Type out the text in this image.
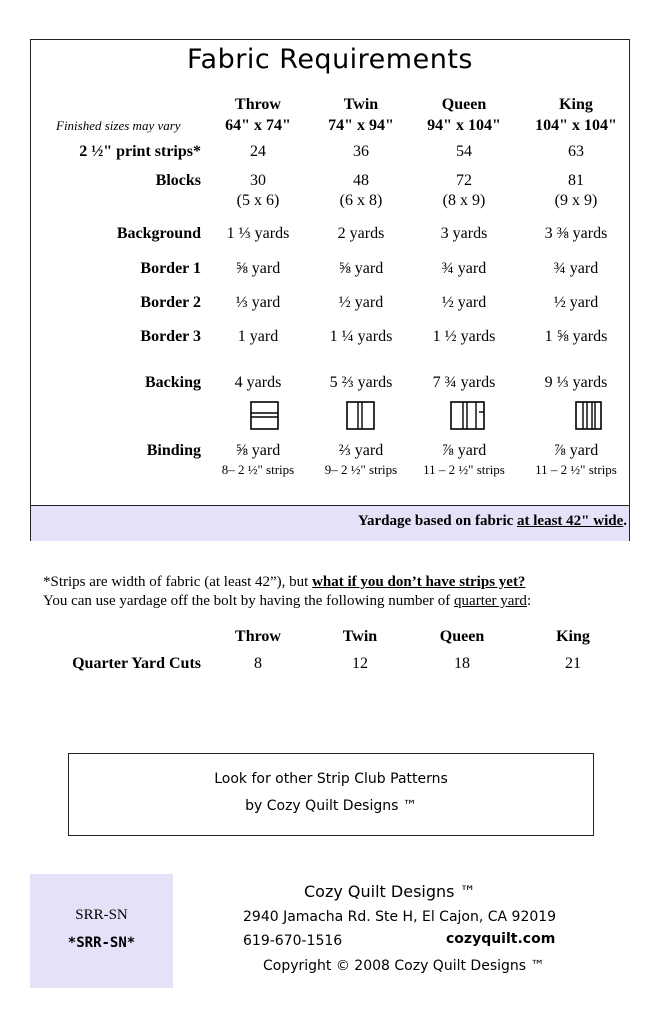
Fabric Requirements
Finished sizes may vary
Throw	Twin	Queen	King
64" x 74"	74" x 94"	94" x 104"	104" x 104"
2 ½" print strips*	24	36	54	63
Blocks	30	48	72	81
(5 x 6)	(6 x 8)	(8 x 9)	(9 x 9)
Background	1 ⅓ yards	2 yards	3 yards	3 ⅜ yards
Border 1	⅝ yard	⅝ yard	¾ yard	¾ yard
Border 2	⅓ yard	½ yard	½ yard	½ yard
Border 3	1 yard	1 ¼ yards	1 ½ yards	1 ⅝ yards
Backing	4 yards	5 ⅔ yards	7 ¾ yards	9 ⅓ yards
Binding	⅝ yard	⅔ yard	⅞ yard	⅞ yard
8– 2 ½" strips	9– 2 ½" strips	11 – 2 ½" strips	11 – 2 ½" strips
Yardage based on fabric at least 42" wide.
*Strips are width of fabric (at least 42”), but what if you don’t have strips yet?
You can use yardage off the bolt by having the following number of quarter yard:
Throw	Twin	Queen	King
Quarter Yard Cuts	8	12	18	21
Look for other Strip Club Patterns
by Cozy Quilt Designs ™
SRR-SN
*SRR-SN*
Cozy Quilt Designs ™
2940 Jamacha Rd. Ste H, El Cajon, CA 92019
619-670-1516	cozyquilt.com
Copyright © 2008 Cozy Quilt Designs ™
